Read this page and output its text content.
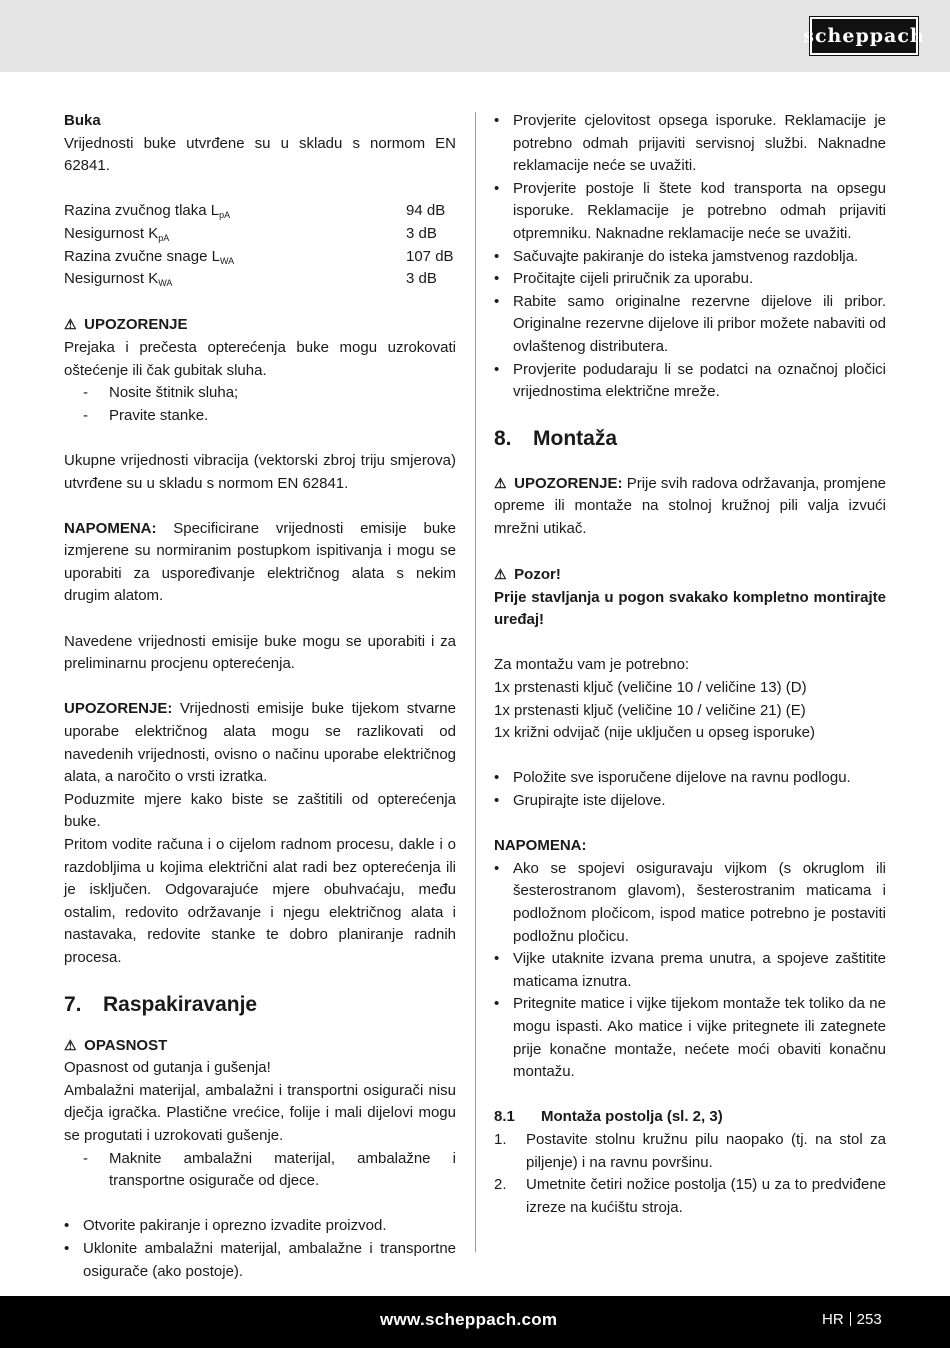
scheppach

Buka

Vrijednosti buke utvrđene su u skladu s normom EN 62841.

Razina zvučnog tlaka $L_{pA}$	94 dB
Nesigurnost $K_{pA}$	3 dB
Razina zvučne snage $L_{WA}$	107 dB
Nesigurnost $K_{WA}$	3 dB

⚠ UPOZORENJE

Prejaka i prečesta opterećenja buke mogu uzrokovati oštećenje ili čak gubitak sluha.

-	Nosite štitnik sluha;
-	Pravite stanke.

Ukupne vrijednosti vibracija (vektorski zbroj triju smjerova) utvrđene su u skladu s normom EN 62841.

NAPOMENA: Specificirane vrijednosti emisije buke izmjerene su normiranim postupkom ispitivanja i mogu se uporabiti za uspoređivanje električnog alata s nekim drugim alatom.

Navedene vrijednosti emisije buke mogu se uporabiti i za preliminarnu procjenu opterećenja.

UPOZORENJE: Vrijednosti emisije buke tijekom stvarne uporabe električnog alata mogu se razlikovati od navedenih vrijednosti, ovisno o načinu uporabe električnog alata, a naročito o vrsti izratka.

Poduzmite mjere kako biste se zaštitili od opterećenja buke.

Pritom vodite računa i o cijelom radnom procesu, dakle i o razdobljima u kojima električni alat radi bez opterećenja ili je isključen. Odgovarajuće mjere obuhvaćaju, među ostalim, redovito održavanje i njegu električnog alata i nastavaka, redovite stanke te dobro planiranje radnih procesa.

7.	Raspakiravanje

⚠ OPASNOST

Opasnost od gutanja i gušenja!

Ambalažni materijal, ambalažni i transportni osigurači nisu dječja igračka. Plastične vrećice, folije i mali dijelovi mogu se progutati i uzrokovati gušenje.

-	Maknite ambalažni materijal, ambalažne i transportne osigurače od djece.
• Otvorite pakiranje i oprezno izvadite proizvod.
• Uklonite ambalažni materijal, ambalažne i transportne osigurače (ako postoje).
• Provjerite cjelovitost opsega isporuke. Reklamacije je potrebno odmah prijaviti servisnoj službi. Naknadne reklamacije neće se uvažiti.
• Provjerite postoje li štete kod transporta na opsegu isporuke. Reklamacije je potrebno odmah prijaviti otpremniku. Naknadne reklamacije neće se uvažiti.
• Sačuvajte pakiranje do isteka jamstvenog razdoblja.
• Pročitajte cijeli priručnik za uporabu.
• Rabite samo originalne rezervne dijelove ili pribor. Originalne rezervne dijelove ili pribor možete nabaviti od ovlaštenog distributera.
• Provjerite podudaraju li se podatci na označnoj pločici vrijednostima električne mreže.
8.	Montaža

⚠ UPOZORENJE: Prije svih radova održavanja, promjene opreme ili montaže na stolnoj kružnoj pili valja izvući mrežni utikač.

⚠ Pozor!

Prije stavljanja u pogon svakako kompletno montirajte uređaj!

Za montažu vam je potrebno:

1x prstenasti ključ (veličine 10 / veličine 13) (D)

1x prstenasti ključ (veličine 10 / veličine 21) (E)

1x križni odvijač (nije uključen u opseg isporuke)

• Položite sve isporučene dijelove na ravnu podlogu.
• Grupirajte iste dijelove.

NAPOMENA:

• Ako se spojevi osiguravaju vijkom (s okruglom ili šesterostranom glavom), šesterostranim maticama i podložnom pločicom, ispod matice potrebno je postaviti podložnu pločicu.
• Vijke utaknite izvana prema unutra, a spojeve zaštitite maticama iznutra.
• Pritegnite matice i vijke tijekom montaže tek toliko da ne mogu ispasti. Ako matice i vijke pritegnete ili zategnete prije konačne montaže, nećete moći obaviti konačnu montažu.
8.1	Montaža postolja (sl. 2, 3)
1.	Postavite stolnu kružnu pilu naopako (tj. na stol za piljenje) i na ravnu površinu.
2.	Umetnite četiri nožice postolja (15) u za to predviđene izreze na kućištu stroja.
www.scheppach.com	HR 253
